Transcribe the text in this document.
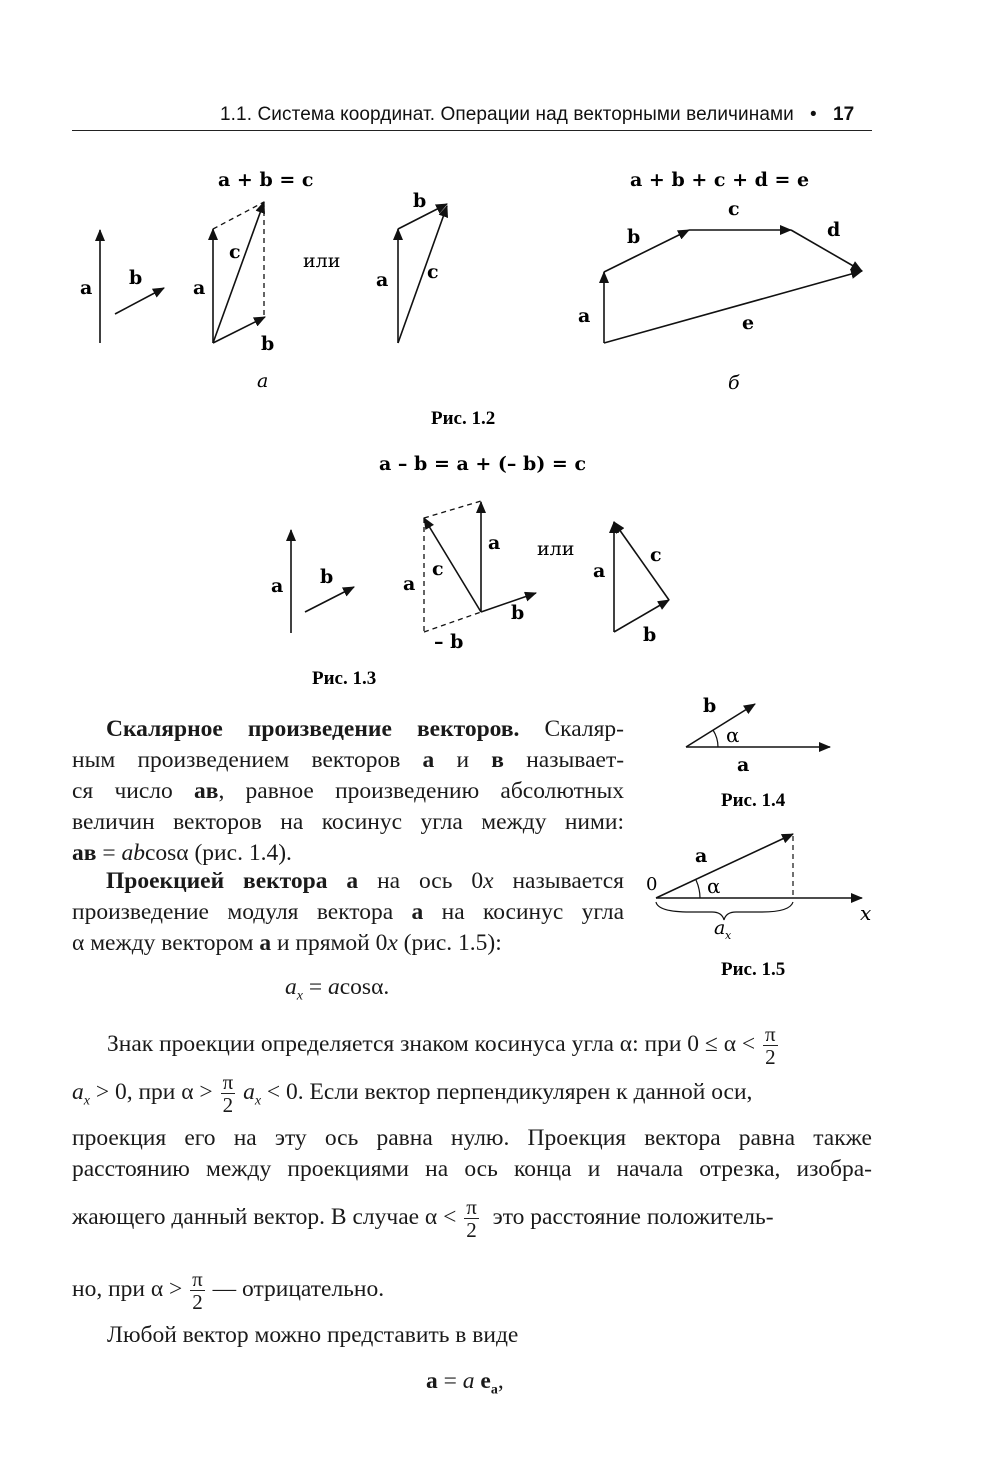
1.1. Система координат. Операции над векторными величинами • 17
a + b = c
a b	a
c
b
или
b
a c
а
a + b + c + d = e
a
b
c
d
e
б
Рис. 1.2
a – b = a + (– b) = c
a b
a
a
c
b
– b
или
a
c
b
Рис. 1.3
b
α
a
Рис. 1.4
0
a
α
x
a x
Рис. 1.5
Скалярное произведение векторов. Скаляр-
ным произведением векторов а и в называет-
ся число ав, равное произведению абсолютных
величин векторов на косинус угла между ними:
ав = abcosα (рис. 1.4).
Проекцией вектора а на ось 0x называется
произведение модуля вектора а на косинус угла
α между вектором а и прямой 0x (рис. 1.5):
$a_x = acos\alpha$.
Знак проекции определяется знаком косинуса угла α: при $0 \le \alpha < \frac{\pi}{2}$
$a_x > 0$, при $\alpha > \frac{\pi}{2} a_x < 0$. Если вектор перпендикулярен к данной оси,
проекция его на эту ось равна нулю. Проекция вектора равна также
расстоянию между проекциями на ось конца и начала отрезка, изобра-
жающего данный вектор. В случае $\alpha < \frac{\pi}{2}$ это расстояние положитель-
но, при $\alpha > \frac{\pi}{2}$ — отрицательно.
Любой вектор можно представить в виде
а = a $е_а$,
